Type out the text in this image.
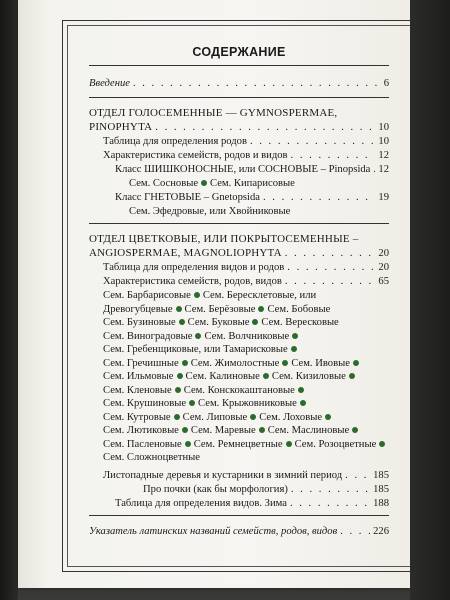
СОДЕРЖАНИЕ
Введение . . .	6
ОТДЕЛ ГОЛОСЕМЕННЫЕ — GYMNOSPERMAE,
PINOPHYTA . . .	10
Таблица для определения родов . . .	10
Характеристика семейств, родов и видов . . .	12
Класс ШИШКОНОСНЫЕ, или СОСНОВЫЕ – Pinopsida . . . 12
Сем. Сосновые Сем. Кипарисовые
Класс ГНЕТОВЫЕ – Gnetopsida . . .	19
Сем. Эфедровые, или Хвойниковые
ОТДЕЛ ЦВЕТКОВЫЕ, ИЛИ ПОКРЫТОСЕМЕННЫЕ –
ANGIOSPERMAE, MAGNOLIOPHYTA . . .	20
Таблица для определения видов и родов . . .	20
Характеристика семейств, родов, видов . . .	65
Сем. Барбарисовые Сем. Бересклетовые, или
Древогубцевые Сем. Берёзовые Сем. Бобовые
Сем. Бузиновые Сем. Буковые Сем. Вересковые
Сем. Виноградовые Сем. Волчниковые
Сем. Гребенщиковые, или Тамарисковые
Сем. Гречишные Сем. Жимолостные Сем. Ивовые
Сем. Ильмовые Сем. Калиновые Сем. Кизиловые
Сем. Кленовые Сем. Конскокаштановые
Сем. Крушиновые Сем. Крыжовниковые
Сем. Кутровые Сем. Липовые Сем. Лоховые
Сем. Лютиковые Сем. Маревые Сем. Маслиновые
Сем. Пасленовые Сем. Ремнецветные Сем. Розоцветные
Сем. Сложноцветные
Листопадные деревья и кустарники в зимний период . . .	185
Про почки (как бы морфология) . . .	185
Таблица для определения видов. Зима . . .	188
Указатель латинских названий семейств, родов, видов . . .	226
